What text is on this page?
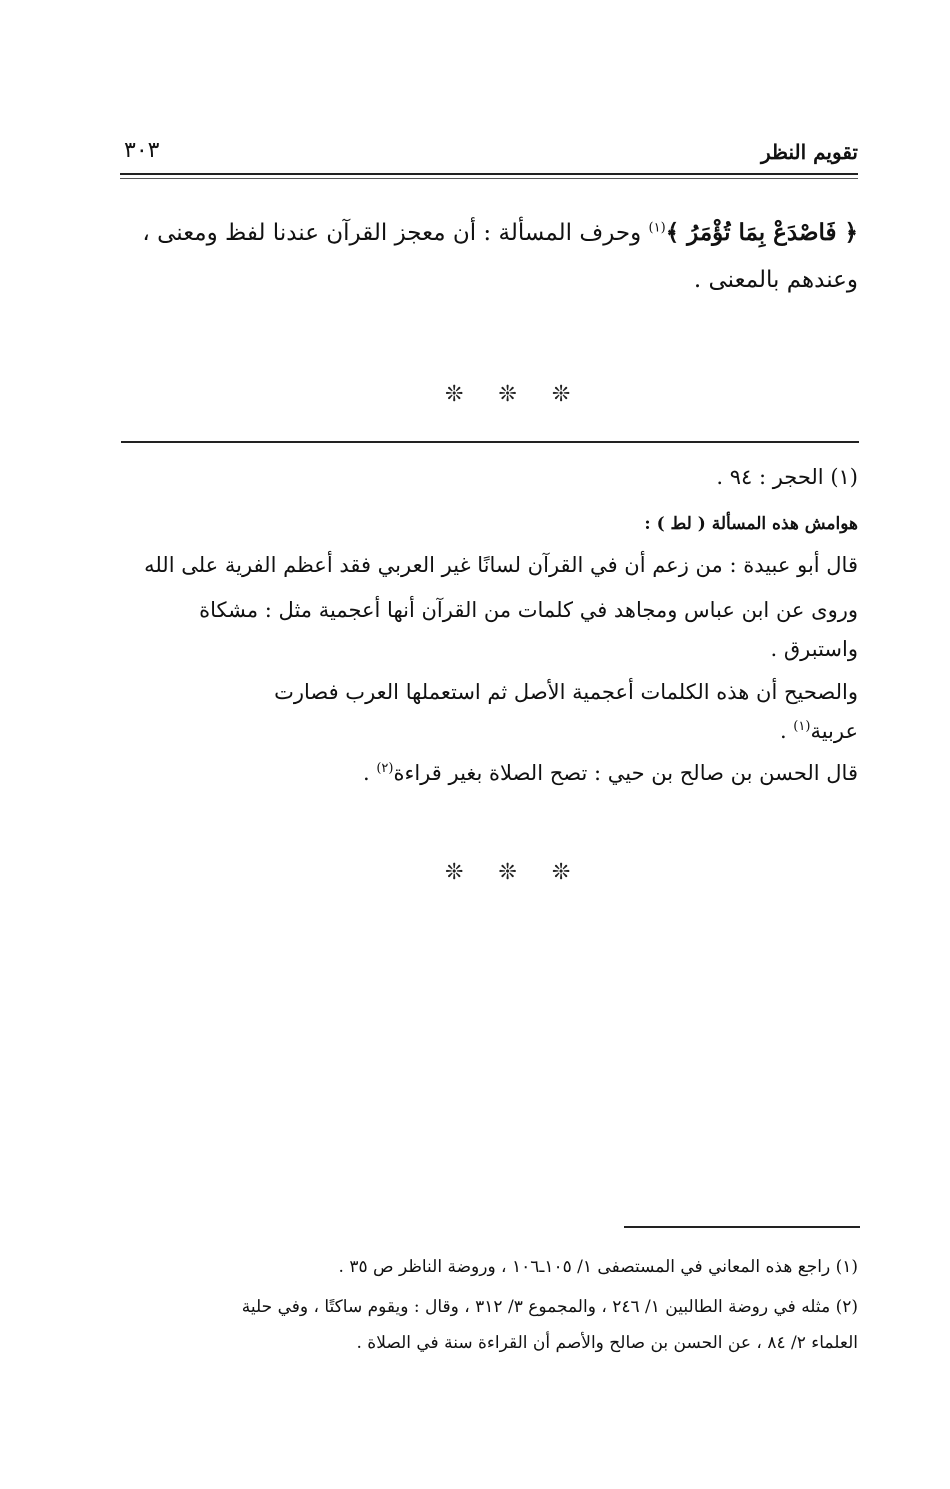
تقويم النظر
٣٠٣
﴿ فَاصْدَعْ بِمَا تُؤْمَرُ ﴾$^{(١)}$ وحرف المسألة : أن معجز القرآن عندنا لفظ ومعنى ،
وعندهم بالمعنى .
❊ ❊ ❊
(١) الحجر : ٩٤ .
هوامش هذه المسألة ( لط ) :
قال أبو عبيدة : من زعم أن في القرآن لسانًا غير العربي فقد أعظم الفرية على الله
وروى عن ابن عباس ومجاهد في كلمات من القرآن أنها أعجمية مثل : مشكاة
واستبرق .
والصحيح أن هذه الكلمات أعجمية الأصل ثم استعملها العرب فصارت
عربية$^{(١)}$ .
قال الحسن بن صالح بن حيي : تصح الصلاة بغير قراءة$^{(٢)}$ .
❊ ❊ ❊
(١) راجع هذه المعاني في المستصفى ١/ ١٠٥ـ١٠٦ ، وروضة الناظر ص ٣٥ .
(٢) مثله في روضة الطالبين ١/ ٢٤٦ ، والمجموع ٣/ ٣١٢ ، وقال : ويقوم ساكتًا ، وفي حلية
العلماء ٢/ ٨٤ ، عن الحسن بن صالح والأصم أن القراءة سنة في الصلاة .
